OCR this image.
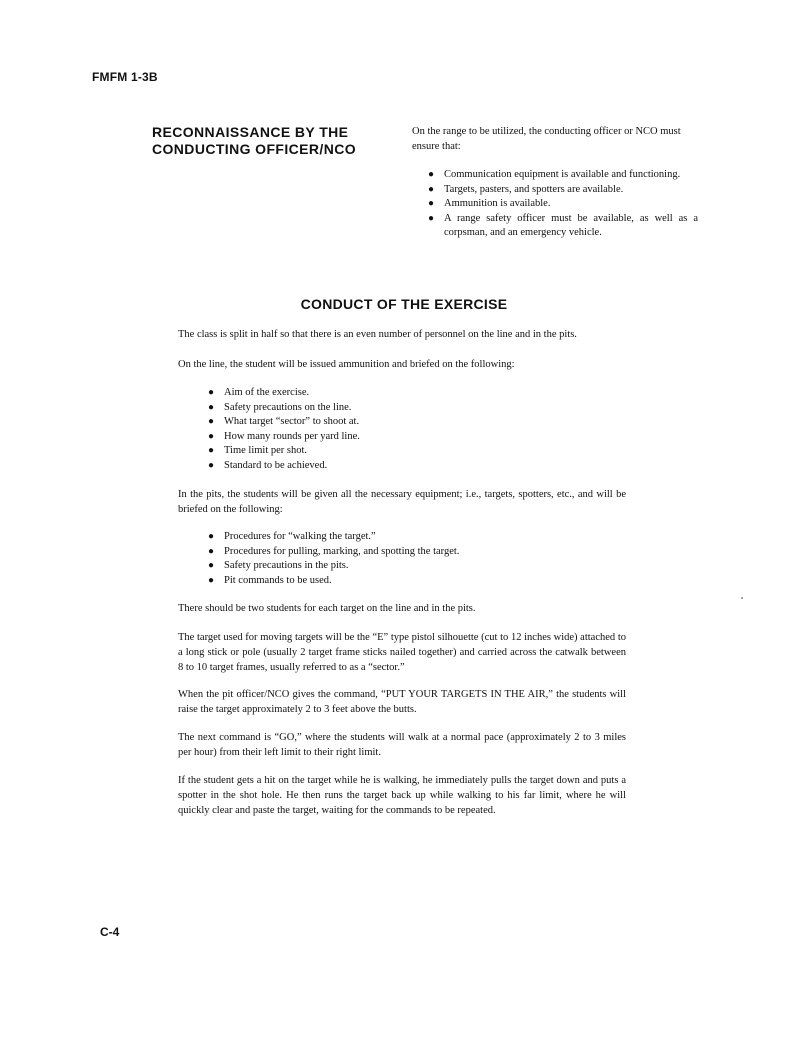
FMFM 1-3B
RECONNAISSANCE BY THE
CONDUCTING OFFICER/NCO
On the range to be utilized, the conducting officer or NCO must ensure that:
● Communication equipment is available and functioning.
● Targets, pasters, and spotters are available.
● Ammunition is available.
● A range safety officer must be available, as well as a corpsman, and an emergency vehicle.
CONDUCT OF THE EXERCISE
The class is split in half so that there is an even number of personnel on the line and in the pits.
On the line, the student will be issued ammunition and briefed on the following:
● Aim of the exercise.
● Safety precautions on the line.
● What target “sector” to shoot at.
● How many rounds per yard line.
● Time limit per shot.
● Standard to be achieved.
In the pits, the students will be given all the necessary equipment; i.e., targets, spotters, etc., and will be briefed on the following:
● Procedures for “walking the target.”
● Procedures for pulling, marking, and spotting the target.
● Safety precautions in the pits.
● Pit commands to be used.
There should be two students for each target on the line and in the pits.
The target used for moving targets will be the “E” type pistol silhouette (cut to 12 inches wide) attached to a long stick or pole (usually 2 target frame sticks nailed together) and carried across the catwalk between 8 to 10 target frames, usually referred to as a “sector.”
When the pit officer/NCO gives the command, “PUT YOUR TARGETS IN THE AIR,” the students will raise the target approximately 2 to 3 feet above the butts.
The next command is “GO,” where the students will walk at a normal pace (approximately 2 to 3 miles per hour) from their left limit to their right limit.
If the student gets a hit on the target while he is walking, he immediately pulls the target down and puts a spotter in the shot hole. He then runs the target back up while walking to his far limit, where he will quickly clear and paste the target, waiting for the commands to be repeated.
C-4
